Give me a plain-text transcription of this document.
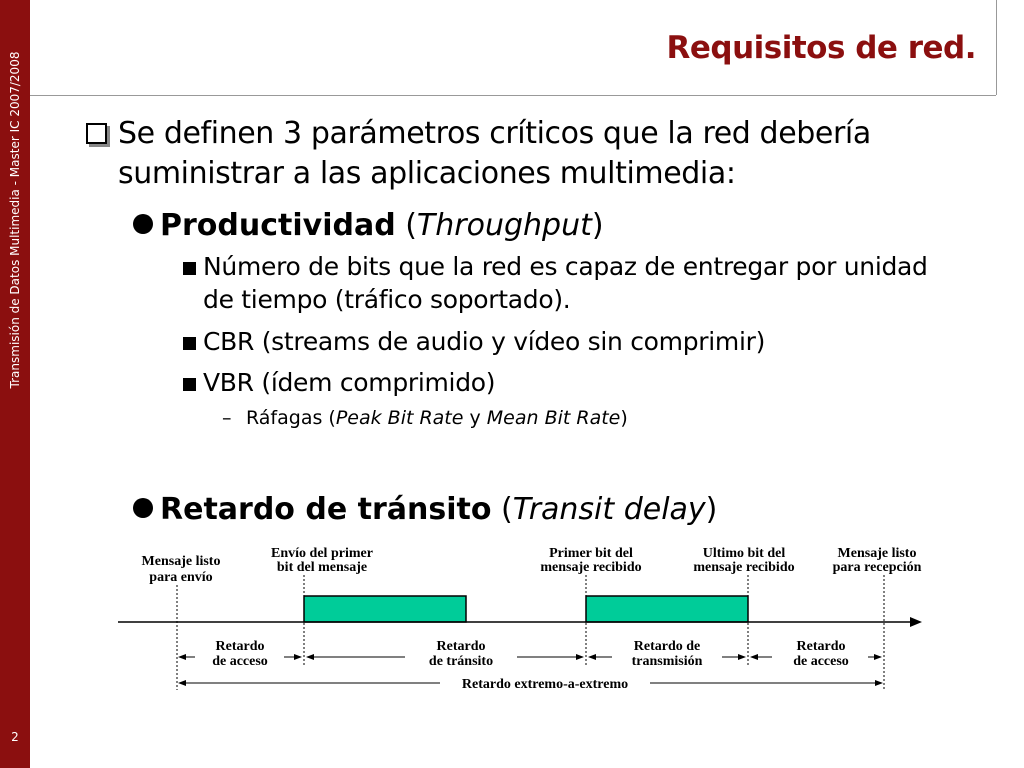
Transmisión de Datos Multimedia - Master IC 2007/2008
2
Requisitos de red.
Se definen 3 parámetros críticos que la red debería suministrar a las aplicaciones multimedia:
Productividad (Throughput)
Número de bits que la red es capaz de entregar por unidad de tiempo (tráfico soportado).
CBR (streams de audio y vídeo sin comprimir)
VBR (ídem comprimido)
– Ráfagas (Peak Bit Rate y Mean Bit Rate)
Retardo de tránsito (Transit delay)
Mensaje listo
para envío
Envío del primer
bit del mensaje
Primer bit del
mensaje recibido
Ultimo bit del
mensaje recibido
Mensaje listo
para recepción
Retardo
de acceso
Retardo
de tránsito
Retardo de
transmisión
Retardo
de acceso
Retardo extremo-a-extremo
